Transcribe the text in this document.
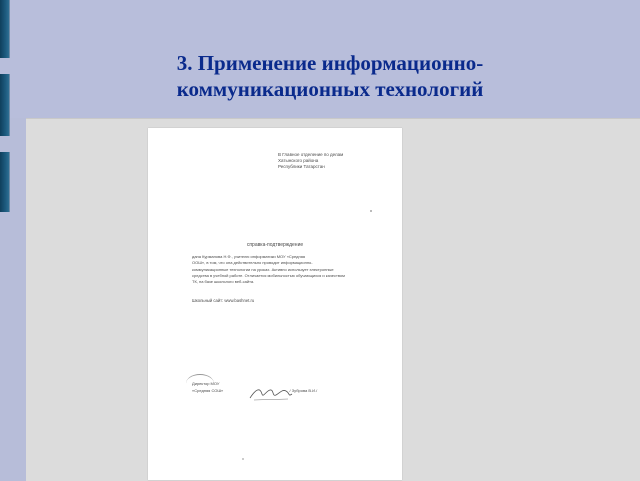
3. Применение информационно-
коммуникационных технологий
В Главное отделение по делам
Хатынского района
Республики Татарстан
справка-подтверждение
дана Курманова Н.Ф., учителю информатики МОУ «Средняя
ООШ», в том, что она действительно проводит информационно-
коммуникационные технологии на уроках. Активно использует электронные
средства в учебной работе. Отличается мобильностью обучающихся и качеством
ТК, на базе школьного веб-сайта.
Школьный сайт: www.bashnet.ru
Директор МОУ
«Средняя СОШ»	/ Зуброва В.И./
